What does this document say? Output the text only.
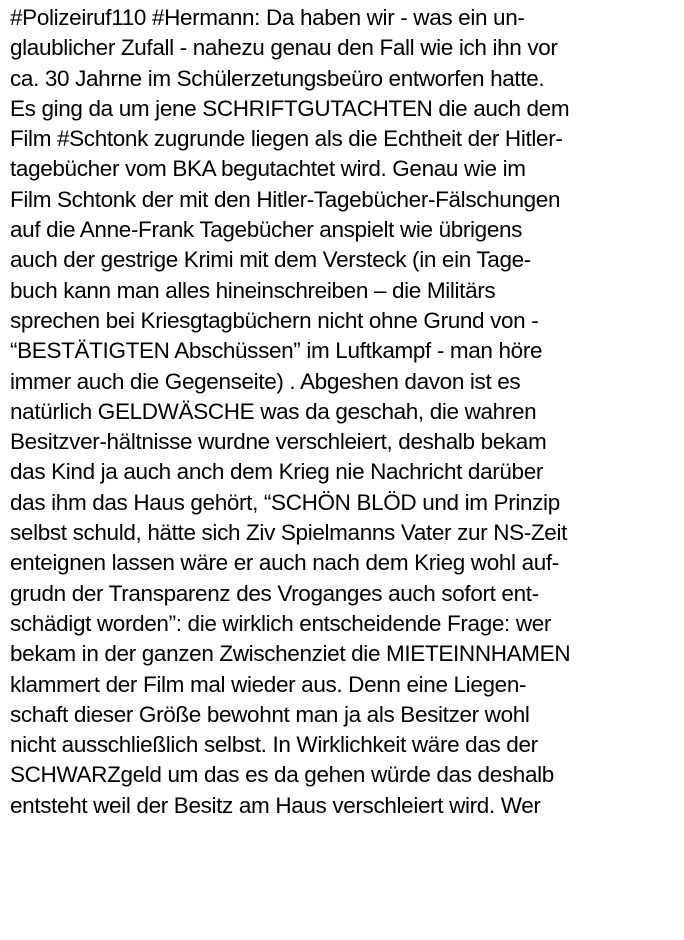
#Polizeiruf110 #Hermann: Da haben wir - was ein un-
glaublicher Zufall - nahezu genau den Fall wie ich ihn vor
ca. 30 Jahrne im Schülerzetungsbeüro entworfen hatte.
Es ging da um jene SCHRIFTGUTACHTEN die auch dem
Film #Schtonk zugrunde liegen als die Echtheit der Hitler-
tagebücher vom BKA begutachtet wird. Genau wie im
Film Schtonk der mit den Hitler-Tagebücher-Fälschungen
auf die Anne-Frank Tagebücher anspielt wie übrigens
auch der gestrige Krimi mit dem Versteck (in ein Tage-
buch kann man alles hineinschreiben – die Militärs
sprechen bei Kriesgtagbüchern nicht ohne Grund von -
“BESTÄTIGTEN Abschüssen” im Luftkampf - man höre
immer auch die Gegenseite) . Abgeshen davon ist es
natürlich GELDWÄSCHE was da geschah, die wahren
Besitzver-hältnisse wurdne verschleiert, deshalb bekam
das Kind ja auch anch dem Krieg nie Nachricht darüber
das ihm das Haus gehört, “SCHÖN BLÖD und im Prinzip
selbst schuld, hätte sich Ziv Spielmanns Vater zur NS-Zeit
enteignen lassen wäre er auch nach dem Krieg wohl auf-
grudn der Transparenz des Vroganges auch sofort ent-
schädigt worden”: die wirklich entscheidende Frage: wer
bekam in der ganzen Zwischenziet die MIETEINNHAMEN
klammert der Film mal wieder aus. Denn eine Liegen-
schaft dieser Größe bewohnt man ja als Besitzer wohl
nicht ausschließlich selbst. In Wirklichkeit wäre das der
SCHWARZgeld um das es da gehen würde das deshalb
entsteht weil der Besitz am Haus verschleiert wird. Wer
